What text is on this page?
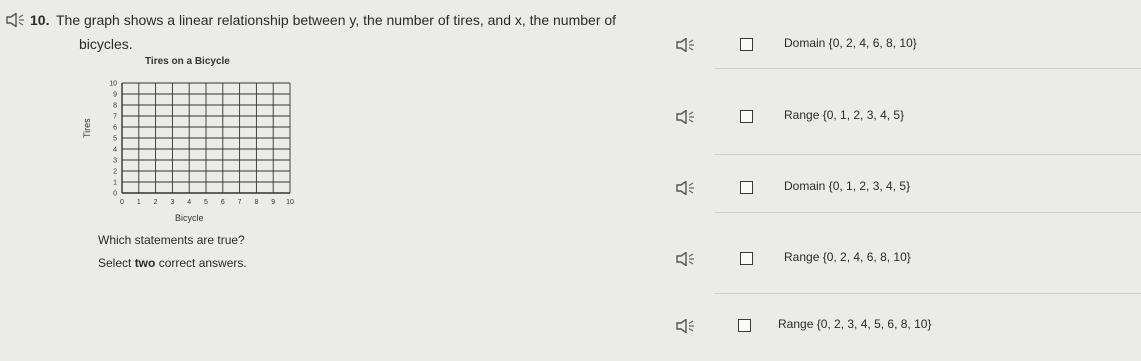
10. The graph shows a linear relationship between y, the number of tires, and x, the number of
bicycles.
Tires on a Bicycle
Tires
Bicycle
0 1 2 3 4 5 6 7 8 9 10
0
1
2
3
4
5
6
7
8
9
10
Which statements are true?
Select two correct answers.
Domain {0, 2, 4, 6, 8, 10}
Range {0, 1, 2, 3, 4, 5}
Domain {0, 1, 2, 3, 4, 5}
Range {0, 2, 4, 6, 8, 10}
Range {0, 2, 3, 4, 5, 6, 8, 10}
